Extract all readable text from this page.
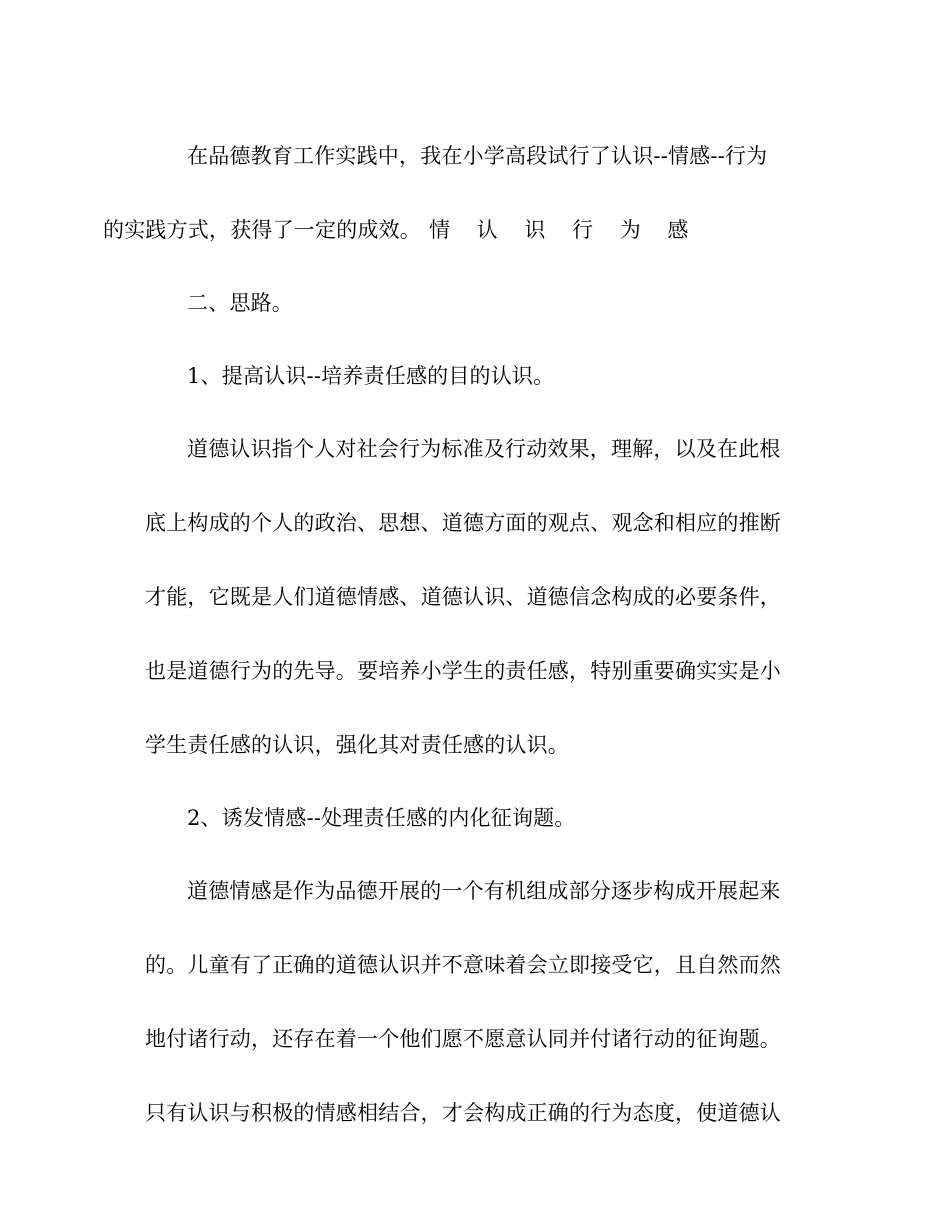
在品德教育工作实践中，我在小学高段试行了认识--情感--行为
的实践方式，获得了一定的成效。 情 认 识 行 为 感
二、思路。
1、提高认识--培养责任感的目的认识。
道德认识指个人对社会行为标准及行动效果，理解，以及在此根
底上构成的个人的政治、思想、道德方面的观点、观念和相应的推断
才能，它既是人们道德情感、道德认识、道德信念构成的必要条件，
也是道德行为的先导。要培养小学生的责任感，特别重要确实实是小
学生责任感的认识，强化其对责任感的认识。
2、诱发情感--处理责任感的内化征询题。
道德情感是作为品德开展的一个有机组成部分逐步构成开展起来
的。儿童有了正确的道德认识并不意味着会立即接受它，且自然而然
地付诸行动，还存在着一个他们愿不愿意认同并付诸行动的征询题。
只有认识与积极的情感相结合，才会构成正确的行为态度，使道德认
